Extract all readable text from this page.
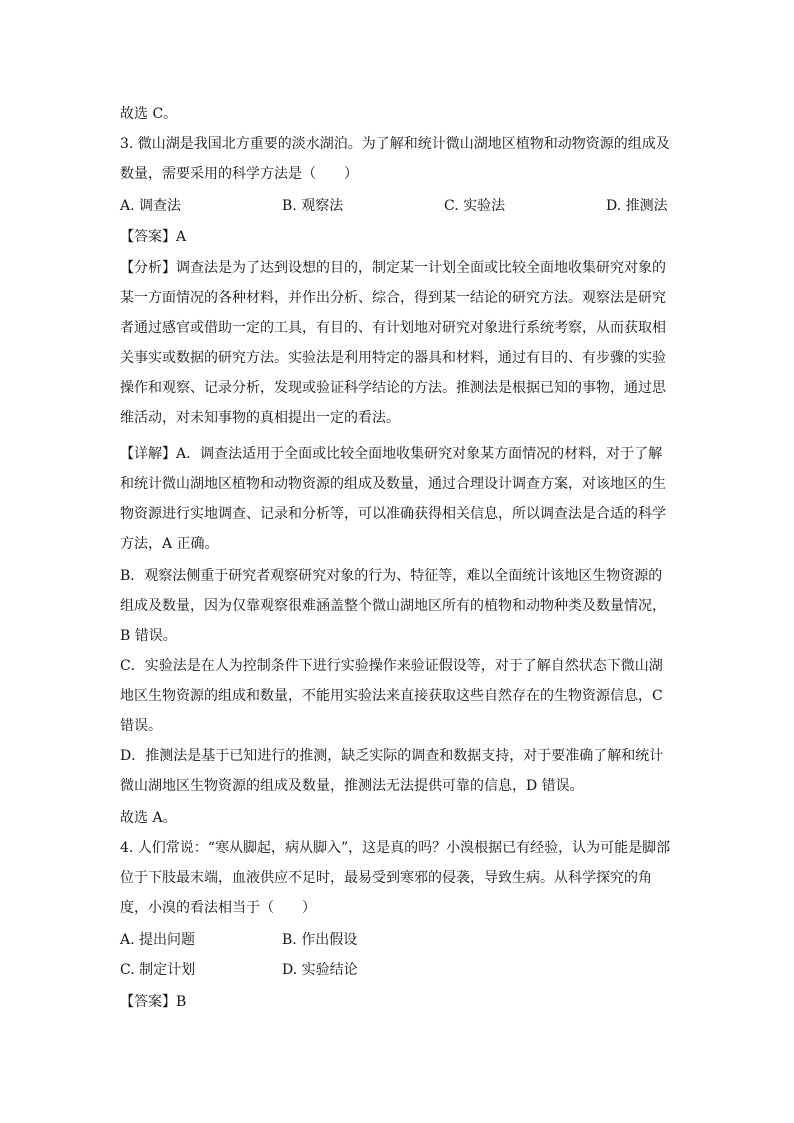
故选 C。
3. 微山湖是我国北方重要的淡水湖泊。为了解和统计微山湖地区植物和动物资源的组成及
数量，需要采用的科学方法是（　　）
A. 调查法	B. 观察法	C. 实验法	D. 推测法
【答案】A
【分析】调查法是为了达到设想的目的，制定某一计划全面或比较全面地收集研究对象的
某一方面情况的各种材料，并作出分析、综合，得到某一结论的研究方法。观察法是研究
者通过感官或借助一定的工具，有目的、有计划地对研究对象进行系统考察，从而获取相
关事实或数据的研究方法。实验法是利用特定的器具和材料，通过有目的、有步骤的实验
操作和观察、记录分析，发现或验证科学结论的方法。推测法是根据已知的事物，通过思
维活动，对未知事物的真相提出一定的看法。
【详解】A．调查法适用于全面或比较全面地收集研究对象某方面情况的材料，对于了解
和统计微山湖地区植物和动物资源的组成及数量，通过合理设计调查方案，对该地区的生
物资源进行实地调查、记录和分析等，可以准确获得相关信息，所以调查法是合适的科学
方法，A 正确。
B．观察法侧重于研究者观察研究对象的行为、特征等，难以全面统计该地区生物资源的
组成及数量，因为仅靠观察很难涵盖整个微山湖地区所有的植物和动物种类及数量情况，
B 错误。
C．实验法是在人为控制条件下进行实验操作来验证假设等，对于了解自然状态下微山湖
地区生物资源的组成和数量，不能用实验法来直接获取这些自然存在的生物资源信息，C
错误。
D．推测法是基于已知进行的推测，缺乏实际的调查和数据支持，对于要准确了解和统计
微山湖地区生物资源的组成及数量，推测法无法提供可靠的信息，D 错误。
故选 A。
4. 人们常说：“寒从脚起，病从脚入”，这是真的吗？小溴根据已有经验，认为可能是脚部
位于下肢最末端，血液供应不足时，最易受到寒邪的侵袭，导致生病。从科学探究的角
度，小溴的看法相当于（　　）
A. 提出问题	B. 作出假设
C. 制定计划	D. 实验结论
【答案】B
